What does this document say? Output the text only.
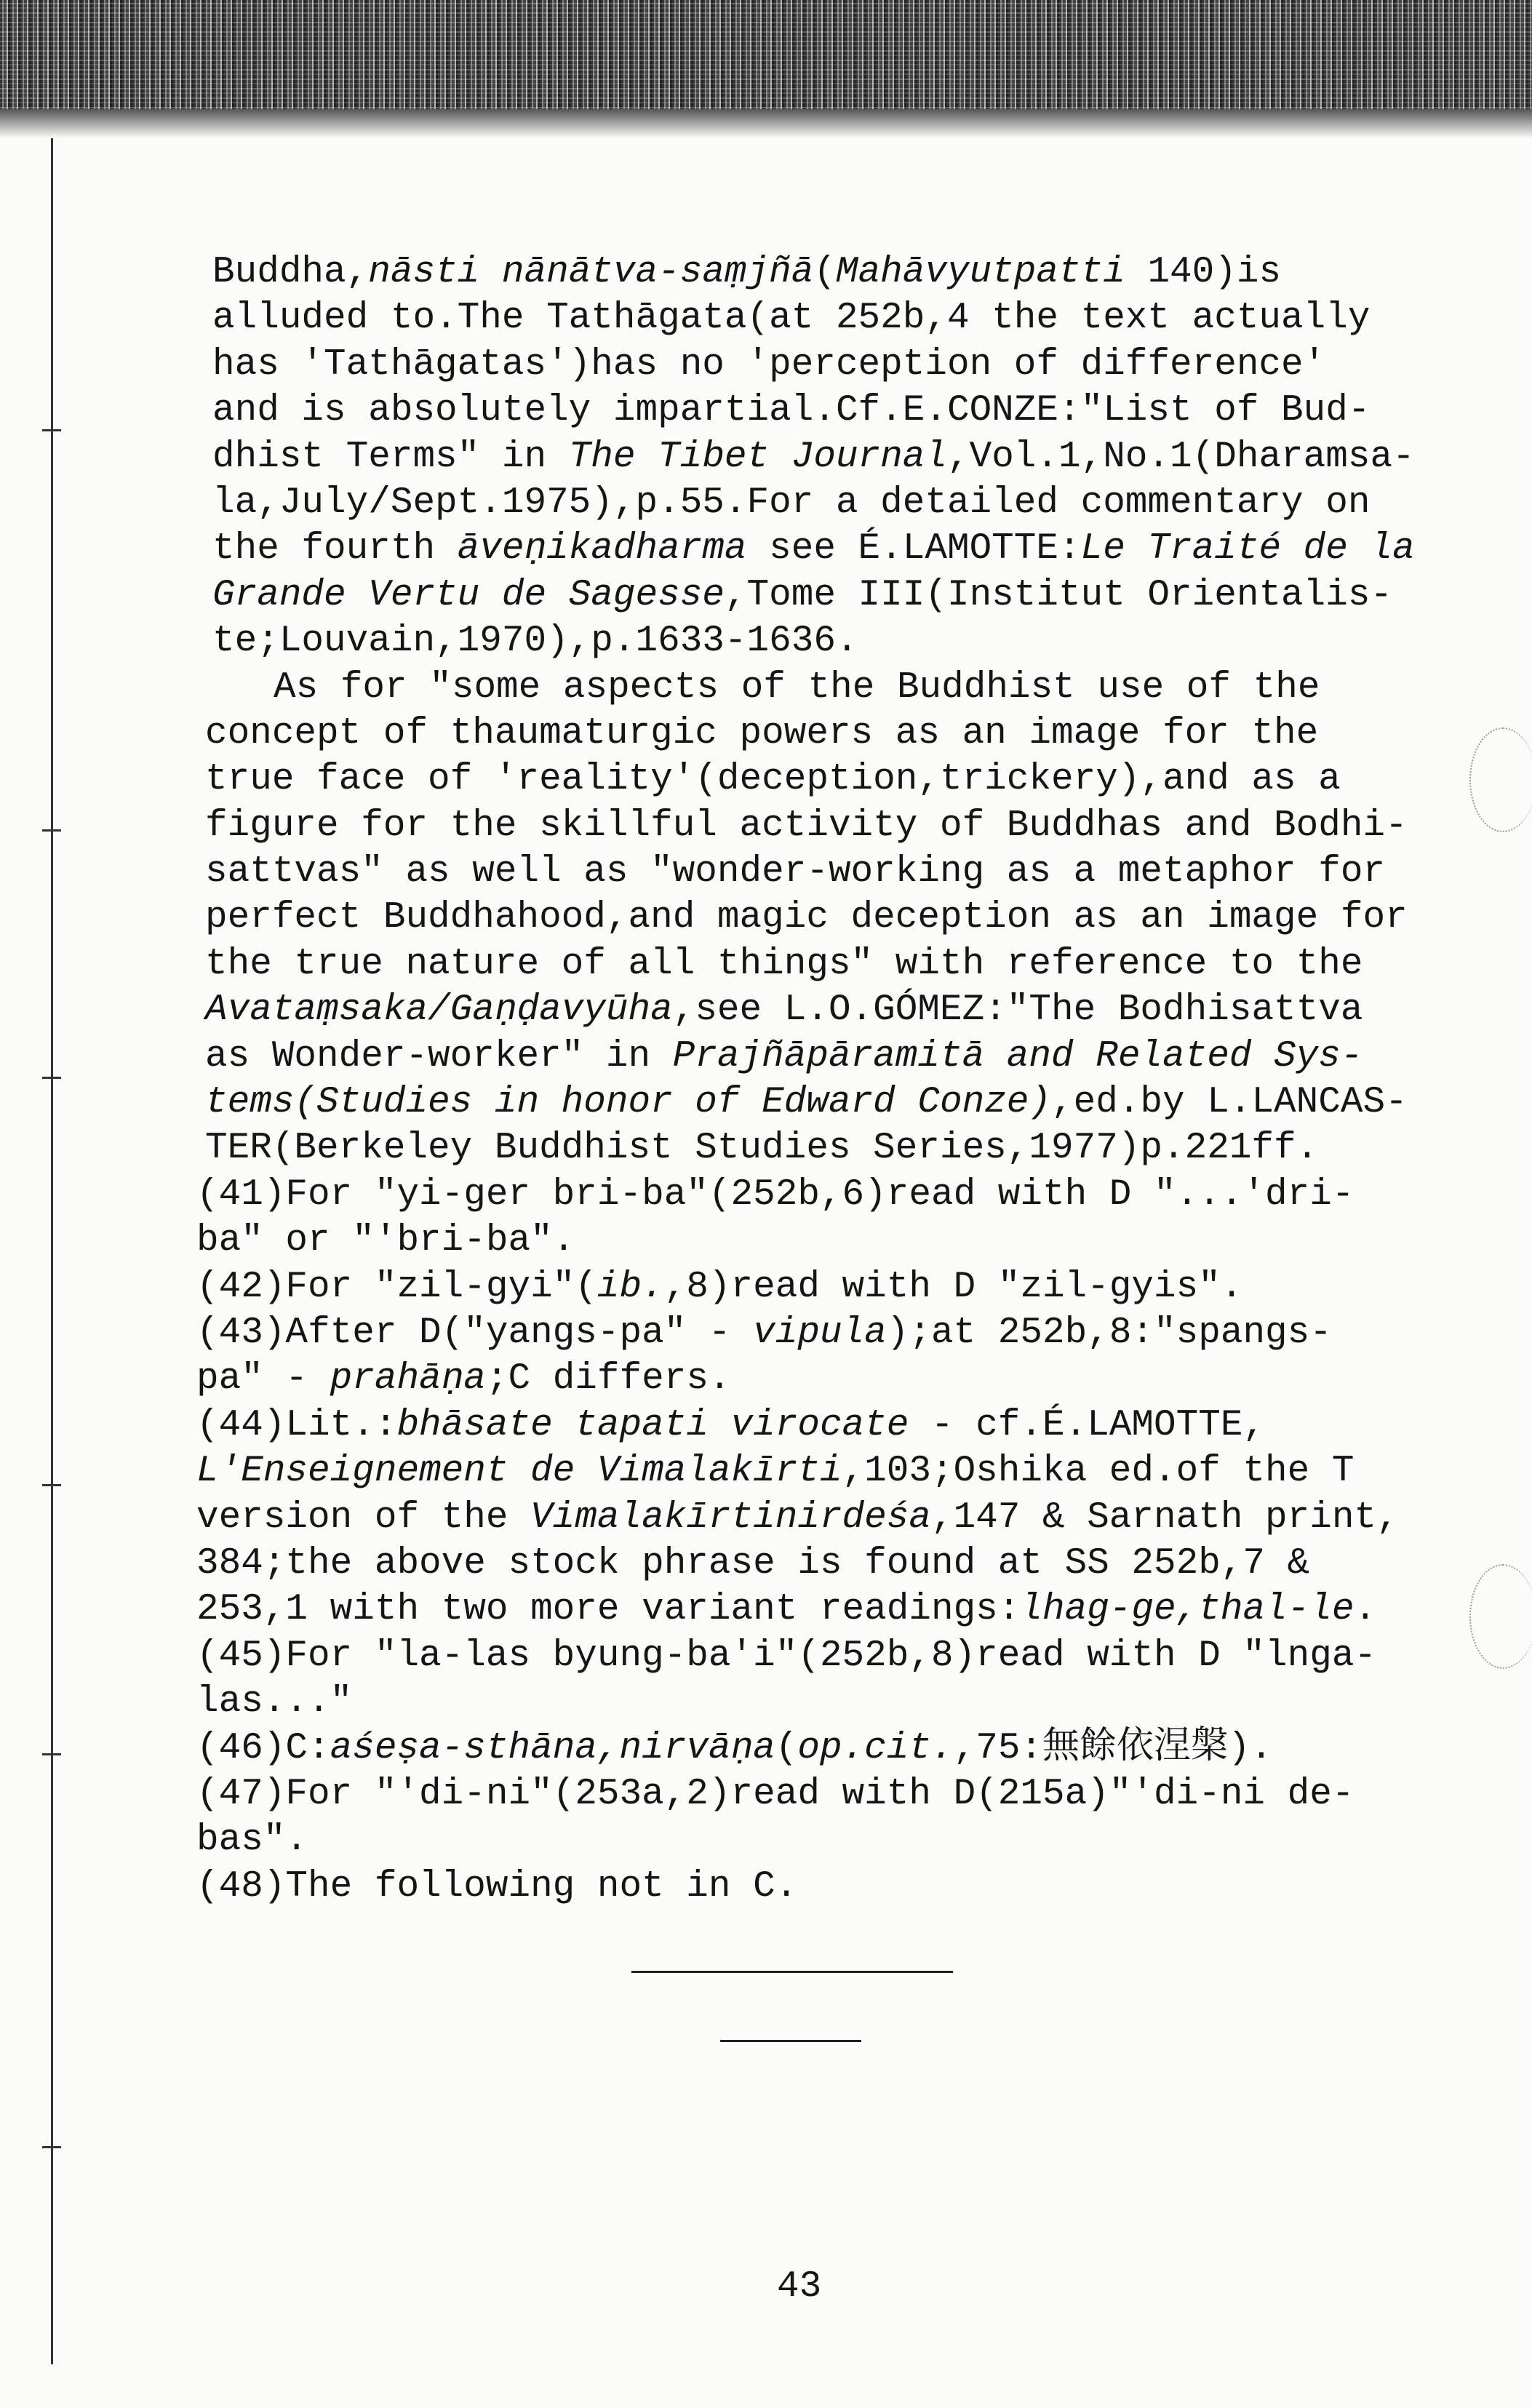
Buddha,nāsti nānātva-saṃjñā(Mahāvyutpatti 140)is
alluded to.The Tathāgata(at 252b,4 the text actually
has 'Tathāgatas')has no 'perception of difference'
and is absolutely impartial.Cf.E.CONZE:"List of Bud-
dhist Terms" in The Tibet Journal,Vol.1,No.1(Dharamsa-
la,July/Sept.1975),p.55.For a detailed commentary on
the fourth āveṇikadharma see É.LAMOTTE:Le Traité de la
Grande Vertu de Sagesse,Tome III(Institut Orientalis-
te;Louvain,1970),p.1633-1636.
As for "some aspects of the Buddhist use of the
concept of thaumaturgic powers as an image for the
true face of 'reality'(deception,trickery),and as a
figure for the skillful activity of Buddhas and Bodhi-
sattvas" as well as "wonder-working as a metaphor for
perfect Buddhahood,and magic deception as an image for
the true nature of all things" with reference to the
Avataṃsaka/Gaṇḍavyūha,see L.O.GÓMEZ:"The Bodhisattva
as Wonder-worker" in Prajñāpāramitā and Related Sys-
tems(Studies in honor of Edward Conze),ed.by L.LANCAS-
TER(Berkeley Buddhist Studies Series,1977)p.221ff.
(41)For "yi-ger bri-ba"(252b,6)read with D "...'dri-
ba" or "'bri-ba".
(42)For "zil-gyi"(ib.,8)read with D "zil-gyis".
(43)After D("yangs-pa" - vipula);at 252b,8:"spangs-
pa" - prahāṇa;C differs.
(44)Lit.:bhāsate tapati virocate - cf.É.LAMOTTE,
L'Enseignement de Vimalakīrti,103;Oshika ed.of the T
version of the Vimalakīrtinirdeśa,147 & Sarnath print,
384;the above stock phrase is found at SS 252b,7 &
253,1 with two more variant readings:lhag-ge,thal-le.
(45)For "la-las byung-ba'i"(252b,8)read with D "lnga-
las..."
(46)C:aśeṣa-sthāna,nirvāṇa(op.cit.,75:無餘依涅槃).
(47)For "'di-ni"(253a,2)read with D(215a)"'di-ni de-
bas".
(48)The following not in C.
43
